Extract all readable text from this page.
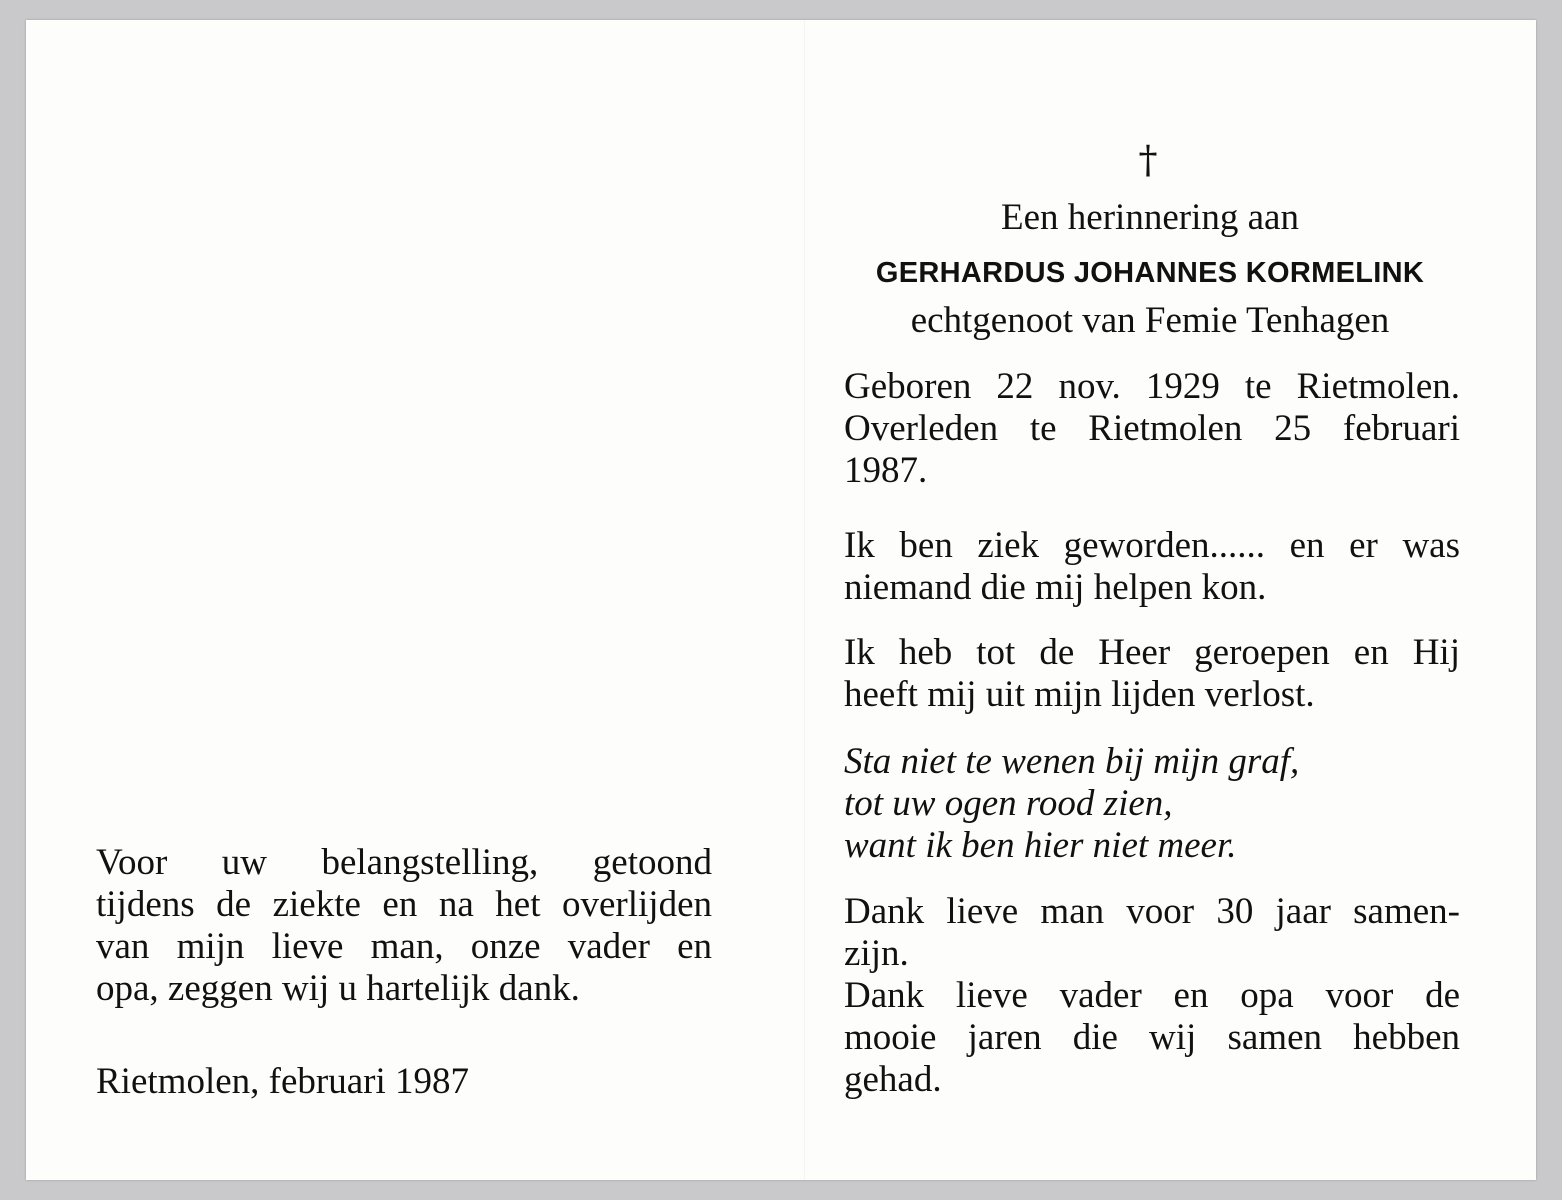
†

Een herinnering aan

GERHARDUS JOHANNES KORMELINK

echtgenoot van Femie Tenhagen

Geboren 22 nov. 1929 te Rietmolen.
Overleden te Rietmolen 25 februari
1987.

Ik ben ziek geworden...... en er was
niemand die mij helpen kon.

Ik heb tot de Heer geroepen en Hij
heeft mij uit mijn lijden verlost.

Sta niet te wenen bij mijn graf,
tot uw ogen rood zien,
want ik ben hier niet meer.

Dank lieve man voor 30 jaar samen-
zijn.
Dank lieve vader en opa voor de
mooie jaren die wij samen hebben
gehad.

Voor uw belangstelling, getoond
tijdens de ziekte en na het overlijden
van mijn lieve man, onze vader en
opa, zeggen wij u hartelijk dank.

Rietmolen, februari 1987
